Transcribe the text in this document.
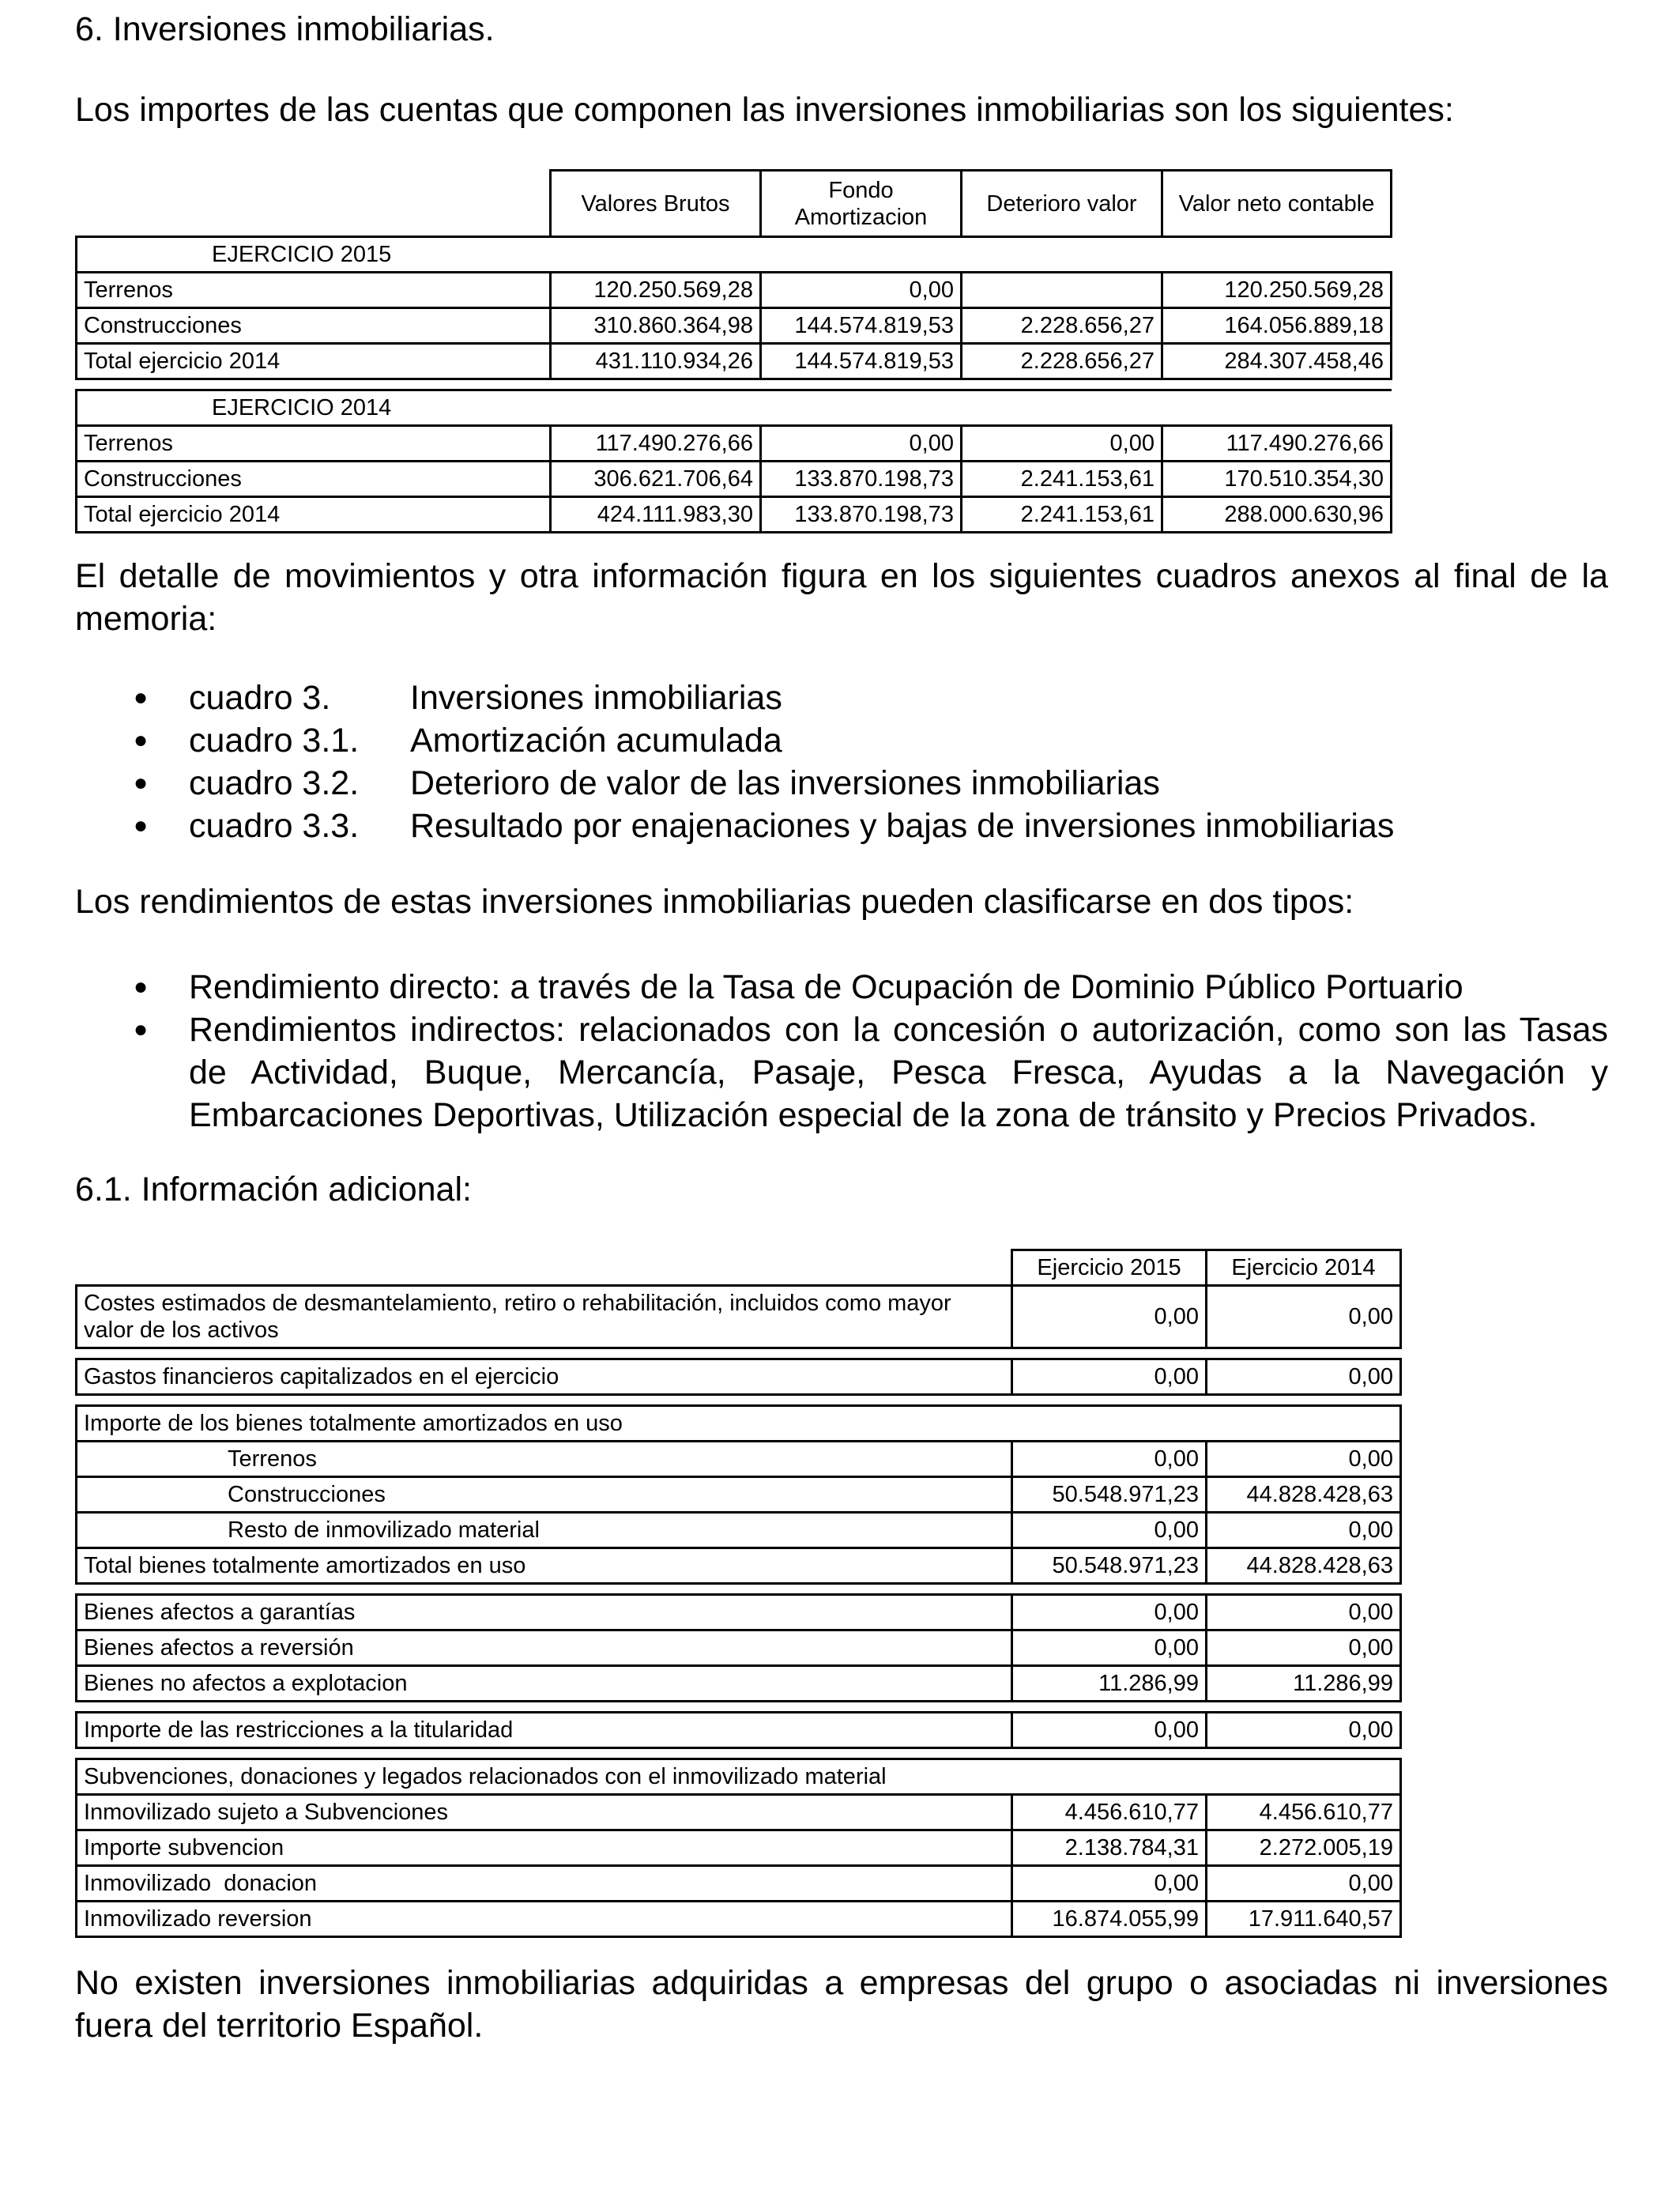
6. Inversiones inmobiliarias.

Los importes de las cuentas que componen las inversiones inmobiliarias son los siguientes:

	Valores Brutos	Fondo Amortizacion	Deterioro valor	Valor neto contable
EJERCICIO 2015				
Terrenos	120.250.569,28	0,00		120.250.569,28
Construcciones	310.860.364,98	144.574.819,53	2.228.656,27	164.056.889,18
Total ejercicio 2014	431.110.934,26	144.574.819,53	2.228.656,27	284.307.458,46

EJERCICIO 2014				
Terrenos	117.490.276,66	0,00	0,00	117.490.276,66
Construcciones	306.621.706,64	133.870.198,73	2.241.153,61	170.510.354,30
Total ejercicio 2014	424.111.983,30	133.870.198,73	2.241.153,61	288.000.630,96

El detalle de movimientos y otra información figura en los siguientes cuadros anexos al final de la memoria:

● cuadro 3. Inversiones inmobiliarias
● cuadro 3.1. Amortización acumulada
● cuadro 3.2. Deterioro de valor de las inversiones inmobiliarias
● cuadro 3.3. Resultado por enajenaciones y bajas de inversiones inmobiliarias

Los rendimientos de estas inversiones inmobiliarias pueden clasificarse en dos tipos:

● Rendimiento directo: a través de la Tasa de Ocupación de Dominio Público Portuario
● Rendimientos indirectos: relacionados con la concesión o autorización, como son las Tasas de Actividad, Buque, Mercancía, Pasaje, Pesca Fresca, Ayudas a la Navegación y Embarcaciones Deportivas, Utilización especial de la zona de tránsito y Precios Privados.

6.1. Información adicional:

	Ejercicio 2015	Ejercicio 2014
Costes estimados de desmantelamiento, retiro o rehabilitación, incluidos como mayor valor de los activos	0,00	0,00

Gastos financieros capitalizados en el ejercicio	0,00	0,00

Importe de los bienes totalmente amortizados en uso		
Terrenos	0,00	0,00
Construcciones	50.548.971,23	44.828.428,63
Resto de inmovilizado material	0,00	0,00
Total bienes totalmente amortizados en uso	50.548.971,23	44.828.428,63

Bienes afectos a garantías	0,00	0,00
Bienes afectos a reversión	0,00	0,00
Bienes no afectos a explotacion	11.286,99	11.286,99

Importe de las restricciones a la titularidad	0,00	0,00

Subvenciones, donaciones y legados relacionados con el inmovilizado material		
Inmovilizado sujeto a Subvenciones	4.456.610,77	4.456.610,77
Importe subvencion	2.138.784,31	2.272.005,19
Inmovilizado  donacion	0,00	0,00
Inmovilizado reversion	16.874.055,99	17.911.640,57

No existen inversiones inmobiliarias adquiridas a empresas del grupo o asociadas ni inversiones fuera del territorio Español.
